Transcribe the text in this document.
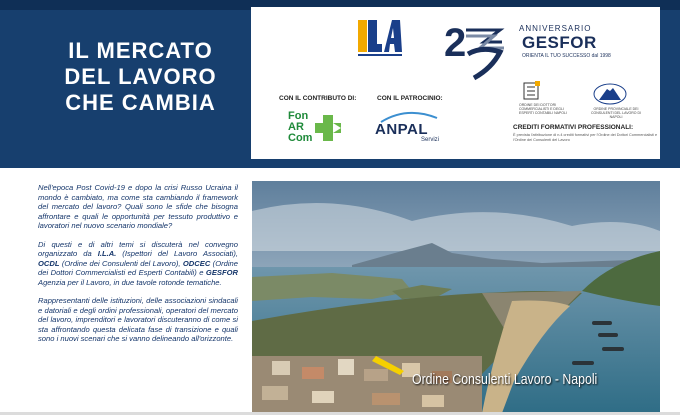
IL MERCATO
DEL LAVORO
CHE CAMBIA
2	ANNIVERSARIO
GESFOR
ORIENTA IL TUO SUCCESSO dal 1998
CON IL CONTRIBUTO DI:	CON IL PATROCINIO:
Fon
AR
Com	ANPAL
Servizi
ORDINE DEI DOTTORI COMMERCIALISTI E DEGLI ESPERTI CONTABILI NAPOLI
ORDINE PROVINCIALE DEI CONSULENTI DEL LAVORO DI NAPOLI
CREDITI FORMATIVI PROFESSIONALI:
È prevista l'attribuzione di n.4 crediti formativi per l'Ordine dei Dottori Commercialisti e l'Ordine dei Consulenti del Lavoro

Nell'epoca Post Covid-19 e dopo la crisi Russo Ucraina il mondo è cambiato, ma come sta cambiando il framework del mercato del lavoro? Quali sono le sfide che bisogna affrontare e quali le opportunità per tessuto produttivo e lavoratori nel nuovo scenario mondiale?

Di questi e di altri temi si discuterà nel convegno organizzato da I.L.A. (Ispettori del Lavoro Associati), OCDL (Ordine dei Consulenti del Lavoro), ODCEC (Ordine dei Dottori Commercialisti ed Esperti Contabili) e GESFOR Agenzia per il Lavoro, in due tavole rotonde tematiche.

Rappresentanti delle istituzioni, delle associazioni sindacali e datoriali e degli ordini professionali, operatori del mercato del lavoro, imprenditori e lavoratori discuteranno di come si sta affrontando questa delicata fase di transizione e quali sono i nuovi scenari che si vanno delineando all'orizzonte.

Ordine Consulenti Lavoro - Napoli
